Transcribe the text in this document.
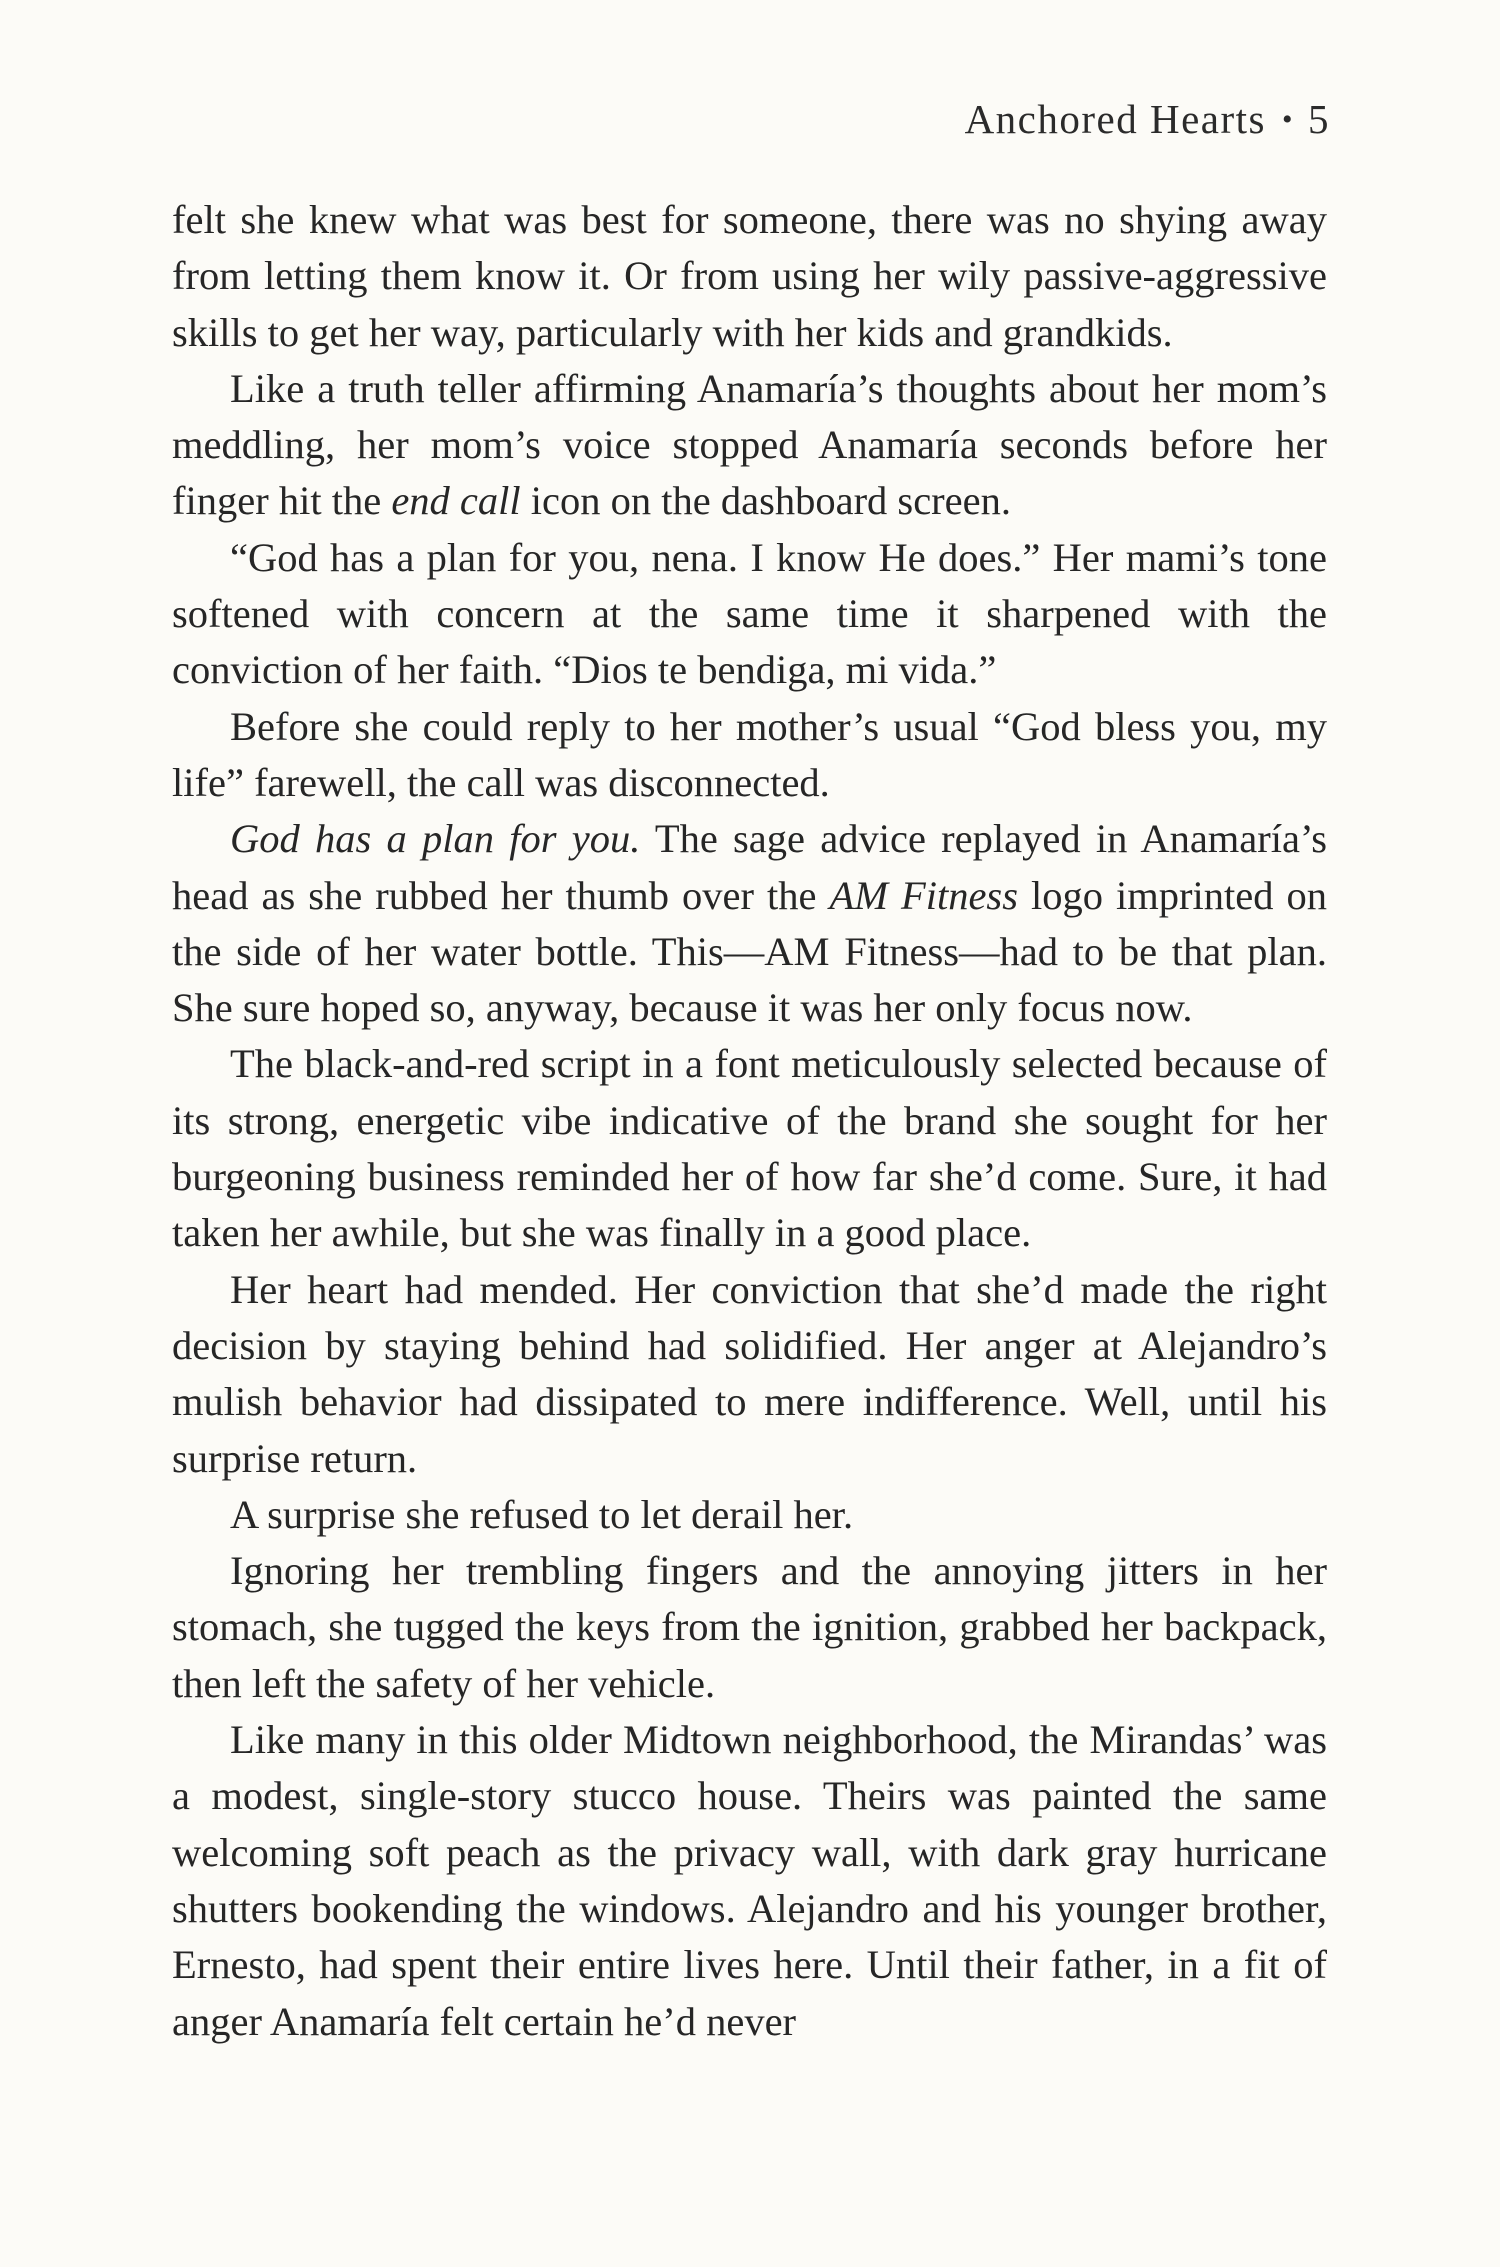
Anchored Hearts • 5

felt she knew what was best for someone, there was no shying away from letting them know it. Or from using her wily passive-aggressive skills to get her way, particularly with her kids and grandkids.

Like a truth teller affirming Anamaría’s thoughts about her mom’s meddling, her mom’s voice stopped Anamaría seconds before her finger hit the end call icon on the dashboard screen.

“God has a plan for you, nena. I know He does.” Her mami’s tone softened with concern at the same time it sharpened with the conviction of her faith. “Dios te bendiga, mi vida.”

Before she could reply to her mother’s usual “God bless you, my life” farewell, the call was disconnected.

God has a plan for you. The sage advice replayed in Anamaría’s head as she rubbed her thumb over the AM Fitness logo imprinted on the side of her water bottle. This—AM Fitness—had to be that plan. She sure hoped so, anyway, because it was her only focus now.

The black-and-red script in a font meticulously selected because of its strong, energetic vibe indicative of the brand she sought for her burgeoning business reminded her of how far she’d come. Sure, it had taken her awhile, but she was finally in a good place.

Her heart had mended. Her conviction that she’d made the right decision by staying behind had solidified. Her anger at Alejandro’s mulish behavior had dissipated to mere indifference. Well, until his surprise return.

A surprise she refused to let derail her.

Ignoring her trembling fingers and the annoying jitters in her stomach, she tugged the keys from the ignition, grabbed her backpack, then left the safety of her vehicle.

Like many in this older Midtown neighborhood, the Mirandas’ was a modest, single-story stucco house. Theirs was painted the same welcoming soft peach as the privacy wall, with dark gray hurricane shutters bookending the windows. Alejandro and his younger brother, Ernesto, had spent their entire lives here. Until their father, in a fit of anger Anamaría felt certain he’d never
